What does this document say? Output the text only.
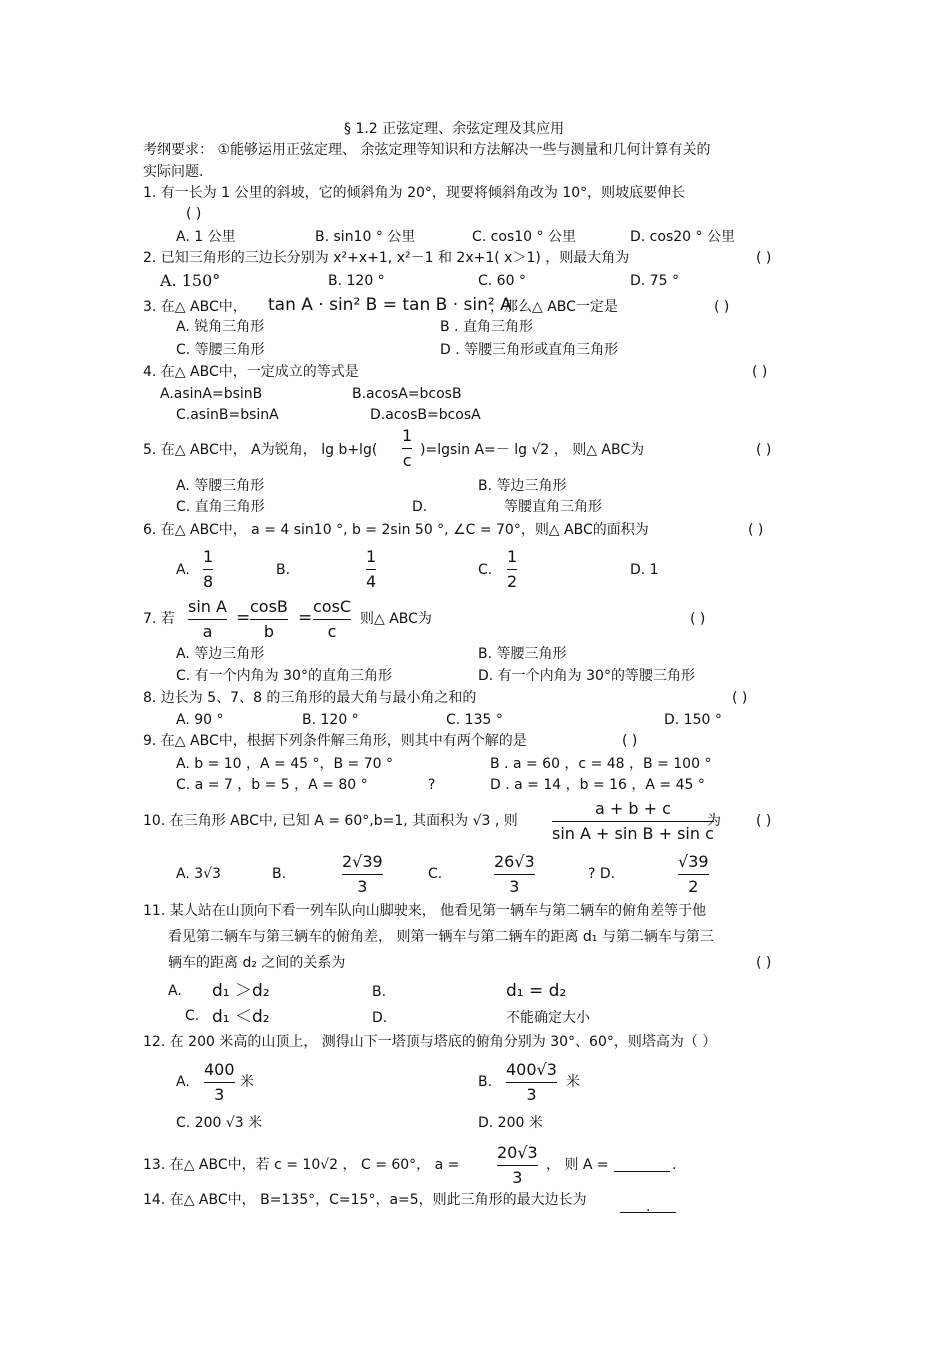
§ 1.2 正弦定理、余弦定理及其应用
考纲要求： ①能够运用正弦定理、 余弦定理等知识和方法解决一些与测量和几何计算有关的
实际问题.
1. 有一长为 1 公里的斜坡，它的倾斜角为 20°，现要将倾斜角改为 10°，则坡底要伸长
( )
A. 1 公里	B. sin10 ° 公里	C. cos10 ° 公里	D. cos20 ° 公里
2. 已知三角形的三边长分别为 x²+x+1, x²－1 和 2x+1( x＞1) ，则最大角为	( )
A. 150°	B. 120 °	C. 60 °	D. 75 °
3. 在△ ABC中， tan A · sin² B = tan B · sin² A
，那么△ ABC一定是	( )
A. 锐角三角形	B . 直角三角形
C. 等腰三角形	D . 等腰三角形或直角三角形
4. 在△ ABC中，一定成立的等式是	( )
A.asinA=bsinB	B.acosA=bcosB
C.asinB=bsinA	D.acosB=bcosA
5. 在△ ABC中， A为锐角， lg b+lg(
1
c
)=lgsin A=－ lg √2 ， 则△ ABC为	( )
A. 等腰三角形	B. 等边三角形
C. 直角三角形	D.	等腰直角三角形
6. 在△ ABC中， a = 4 sin10 °, b = 2sin 50 °, ∠C = 70°，则△ ABC的面积为	( )
A.
1
8
B.
1
4
C.
1
2
D. 1
7. 若
sin A
a
=
cosB
b
=
cosC
c
则△ ABC为	( )
A. 等边三角形	B. 等腰三角形
C. 有一个内角为 30°的直角三角形	D. 有一个内角为 30°的等腰三角形
8. 边长为 5、7、8 的三角形的最大角与最小角之和的	( )
A. 90 °	B. 120 °	C. 135 °	D. 150 °
9. 在△ ABC中，根据下列条件解三角形，则其中有两个解的是	( )
A. b = 10 ，A = 45 °，B = 70 °	B . a = 60 ，c = 48 ，B = 100 °
C. a = 7 ，b = 5 ，A = 80 °	?	D . a = 14 ，b = 16 ，A = 45 °
10. 在三角形 ABC中, 已知 A = 60°,b=1, 其面积为 √3 , 则
a + b + c
sin A + sin B + sin c
为	( )
A. 3√3	B.
2√39
3
C.
26√3
3
? D.
√39
2
11. 某人站在山顶向下看一列车队向山脚驶来， 他看见第一辆车与第二辆车的俯角差等于他
看见第二辆车与第三辆车的俯角差， 则第一辆车与第二辆车的距离 d₁ 与第二辆车与第三
辆车的距离 d₂ 之间的关系为	( )
A. d₁ ＞d₂	B.	d₁ = d₂
C. d₁ ＜d₂	D.	不能确定大小
12. 在 200 米高的山顶上， 测得山下一塔顶与塔底的俯角分别为 30°、60°，则塔高为（ ）
A.
400
3
米	B.
400√3
3
米
C. 200 √3 米	D. 200 米
13. 在△ ABC中，若 c = 10√2 ， C = 60°， a =
20√3
3
， 则 A =	.
14. 在△ ABC中， B=135°，C=15°，a=5，则此三角形的最大边长为	.
